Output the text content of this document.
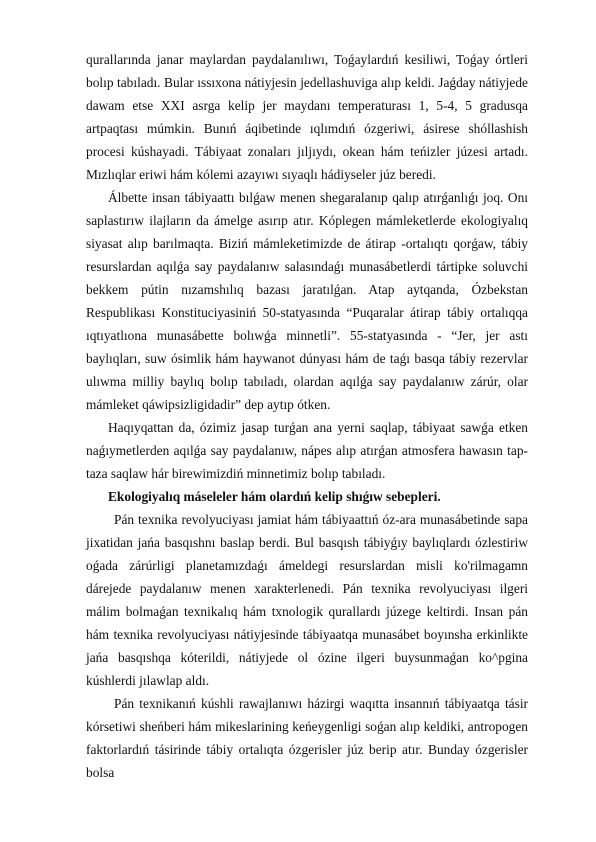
qurallarında janar maylardan paydalanılıwı, Toǵaylardıń kesiliwi, Toǵay órtleri bolıp tabıladı. Bular ıssıxona nátiyjesin jedellashuviga alıp keldi. Jaǵday nátiyjede dawam etse XXI asrga kelip jer maydanı temperaturası 1, 5-4, 5 gradusqa artpaqtası múmkin. Bunıń áqibetinde ıqlımdıń ózgeriwi, ásirese shóllashish procesi kúshayadi. Tábiyaat zonaları jıljıydı, okean hám teńizler júzesi artadı. Mızlıqlar eriwi hám kólemi azayıwı sıyaqlı hádiyseler júz beredi.

Álbette insan tábiyaattı bılǵaw menen shegaralanıp qalıp atırǵanlıǵı joq. Onı saplastırıw ilajların da ámelge asırıp atır. Kóplegen mámleketlerde ekologiyalıq siyasat alıp barılmaqta. Biziń mámleketimizde de átirap -ortalıqtı qorǵaw, tábiy resurslardan aqılǵa say paydalanıw salasındaǵı munasábetlerdi tártipke soluvchi bekkem pútin nızamshılıq bazası jaratılǵan. Atap aytqanda, Ózbekstan Respublikası Konstituciyasiniń 50-statyasında “Puqaralar átirap tábiy ortalıqqa ıqtıyatlıona munasábette bolıwǵa minnetli”. 55-statyasında - “Jer, jer astı baylıqları, suw ósimlik hám haywanot dúnyası hám de taǵı basqa tábiy rezervlar ulıwma milliy baylıq bolıp tabıladı, olardan aqılǵa say paydalanıw zárúr, olar mámleket qáwipsizligidadir” dep aytıp ótken.

Haqıyqattan da, ózimiz jasap turǵan ana yerni saqlap, tábiyaat sawǵa etken naǵıymetlerden aqılǵa say paydalanıw, nápes alıp atırǵan atmosfera hawasın tap-taza saqlaw hár birewimizdiń minnetimiz bolıp tabıladı.

Ekologiyalıq máseleler hám olardıń kelip shıǵıw sebepleri.

Pán texnika revolyuciyası jamiat hám tábiyaattıń óz-ara munasábetinde sapa jixatidan jańa basqıshnı baslap berdi. Bul basqısh tábiyǵıy baylıqlardı ózlestiriw oǵada zárúrligi planetamızdaǵı ámeldegi resurslardan misli ko'rilmagamn dárejede paydalanıw menen xarakterlenedi. Pán texnika revolyuciyası ilgeri málim bolmaǵan texnikalıq hám txnologik qurallardı júzege keltirdi. Insan pán hám texnika revolyuciyası nátiyjesinde tábiyaatqa munasábet boyınsha erkinlikte jańa basqıshqa kóterildi, nátiyjede ol ózine ilgeri buysunmaǵan ko^pgina kúshlerdi jılawlap aldı.

Pán texnikanıń kúshli rawajlanıwı házirgi waqıtta insannıń tábiyaatqa tásir kórsetiwi sheńberi hám mikeslarining keńeygenligi soǵan alıp keldiki, antropogen faktorlardıń tásirinde tábiy ortalıqta ózgerisler júz berip atır. Bunday ózgerisler bolsa
